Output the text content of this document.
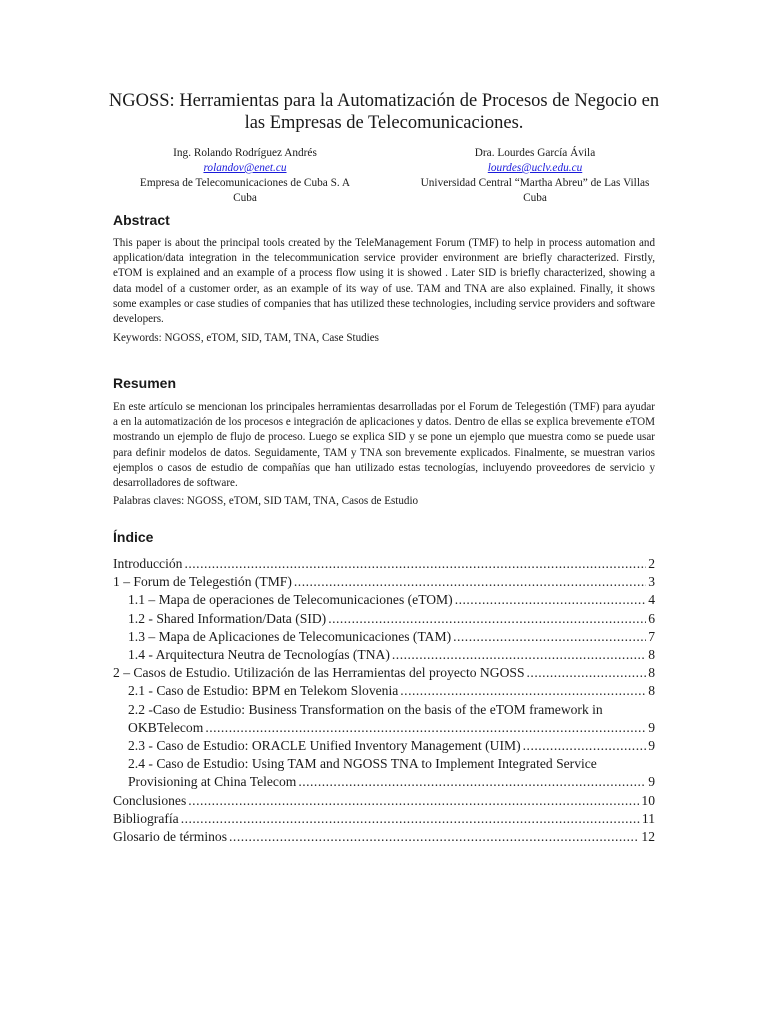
NGOSS: Herramientas para la Automatización de Procesos de Negocio en
las Empresas de Telecomunicaciones.
Ing. Rolando Rodríguez Andrés
rolandov@enet.cu
Empresa de Telecomunicaciones de Cuba S. A
Cuba
Dra. Lourdes García Ávila
lourdes@uclv.edu.cu
Universidad Central “Martha Abreu” de Las Villas
Cuba
Abstract
This paper is about the principal tools created by the TeleManagement Forum (TMF) to help in process automation and application/data integration in the telecommunication service provider environment are briefly characterized. Firstly, eTOM is explained and an example of a process flow using it is showed . Later SID is briefly characterized, showing a data model of a customer order, as an example of its way of use. TAM and TNA are also explained. Finally, it shows some examples or case studies of companies that has utilized these technologies, including service providers and software developers.
Keywords: NGOSS, eTOM, SID, TAM, TNA, Case Studies
Resumen
En este artículo se mencionan los principales herramientas desarrolladas por el Forum de Telegestión (TMF) para ayudar a en la automatización de los procesos e integración de aplicaciones y datos. Dentro de ellas se explica brevemente eTOM mostrando un ejemplo de flujo de proceso. Luego se explica SID y se pone un ejemplo que muestra como se puede usar para definir modelos de datos. Seguidamente, TAM y TNA son brevemente explicados. Finalmente, se muestran varios ejemplos o casos de estudio de compañías que han utilizado estas tecnologías, incluyendo proveedores de servicio y desarrolladores de software.
Palabras claves: NGOSS, eTOM, SID TAM, TNA, Casos de Estudio
Índice
Introducción .....	2
1 – Forum de Telegestión (TMF) .....	3
1.1 – Mapa de operaciones de Telecomunicaciones (eTOM) .....	4
1.2 - Shared Information/Data (SID) .....	6
1.3 – Mapa de Aplicaciones de Telecomunicaciones (TAM) .....	7
1.4 - Arquitectura Neutra de Tecnologías (TNA) .....	8
2 – Casos de Estudio. Utilización de las Herramientas del proyecto NGOSS .....	8
2.1 - Caso de Estudio: BPM en Telekom Slovenia .....	8
2.2 -Caso de Estudio: Business Transformation on the basis of the eTOM framework in
OKBTelecom .....	9
2.3 - Caso de Estudio: ORACLE Unified Inventory Management (UIM) .....	9
2.4 - Caso de Estudio: Using TAM and NGOSS TNA to Implement Integrated Service
Provisioning at China Telecom .....	9
Conclusiones .....	10
Bibliografía .....	11
Glosario de términos .....	12
